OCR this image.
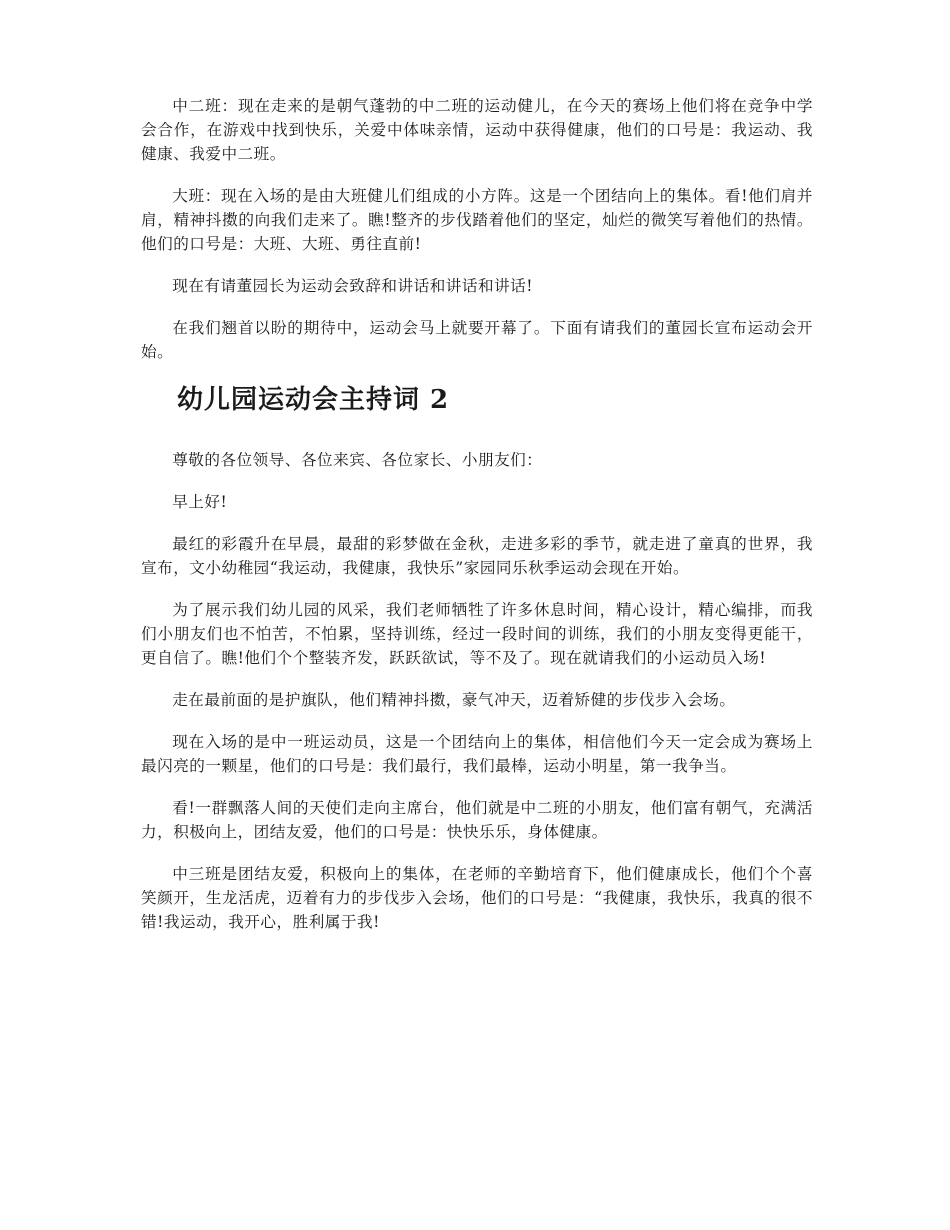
中二班：现在走来的是朝气蓬勃的中二班的运动健儿，在今天的赛场上他们将在竞争中学会合作，在游戏中找到快乐，关爱中体味亲情，运动中获得健康，他们的口号是：我运动、我健康、我爱中二班。

大班：现在入场的是由大班健儿们组成的小方阵。这是一个团结向上的集体。看!他们肩并肩，精神抖擞的向我们走来了。瞧!整齐的步伐踏着他们的坚定，灿烂的微笑写着他们的热情。他们的口号是：大班、大班、勇往直前!

现在有请董园长为运动会致辞和讲话和讲话和讲话!

在我们翘首以盼的期待中，运动会马上就要开幕了。下面有请我们的董园长宣布运动会开始。

幼儿园运动会主持词 2

尊敬的各位领导、各位来宾、各位家长、小朋友们：

早上好!

最红的彩霞升在早晨，最甜的彩梦做在金秋，走进多彩的季节，就走进了童真的世界，我宣布，文小幼稚园“我运动，我健康，我快乐”家园同乐秋季运动会现在开始。

为了展示我们幼儿园的风采，我们老师牺牲了许多休息时间，精心设计，精心编排，而我们小朋友们也不怕苦，不怕累，坚持训练，经过一段时间的训练，我们的小朋友变得更能干，更自信了。瞧!他们个个整装齐发，跃跃欲试，等不及了。现在就请我们的小运动员入场!

走在最前面的是护旗队，他们精神抖擞，豪气冲天，迈着矫健的步伐步入会场。

现在入场的是中一班运动员，这是一个团结向上的集体，相信他们今天一定会成为赛场上最闪亮的一颗星，他们的口号是：我们最行，我们最棒，运动小明星，第一我争当。

看!一群飘落人间的天使们走向主席台，他们就是中二班的小朋友，他们富有朝气，充满活力，积极向上，团结友爱，他们的口号是：快快乐乐，身体健康。

中三班是团结友爱，积极向上的集体，在老师的辛勤培育下，他们健康成长，他们个个喜笑颜开，生龙活虎，迈着有力的步伐步入会场，他们的口号是：“我健康，我快乐，我真的很不错!我运动，我开心，胜利属于我!
